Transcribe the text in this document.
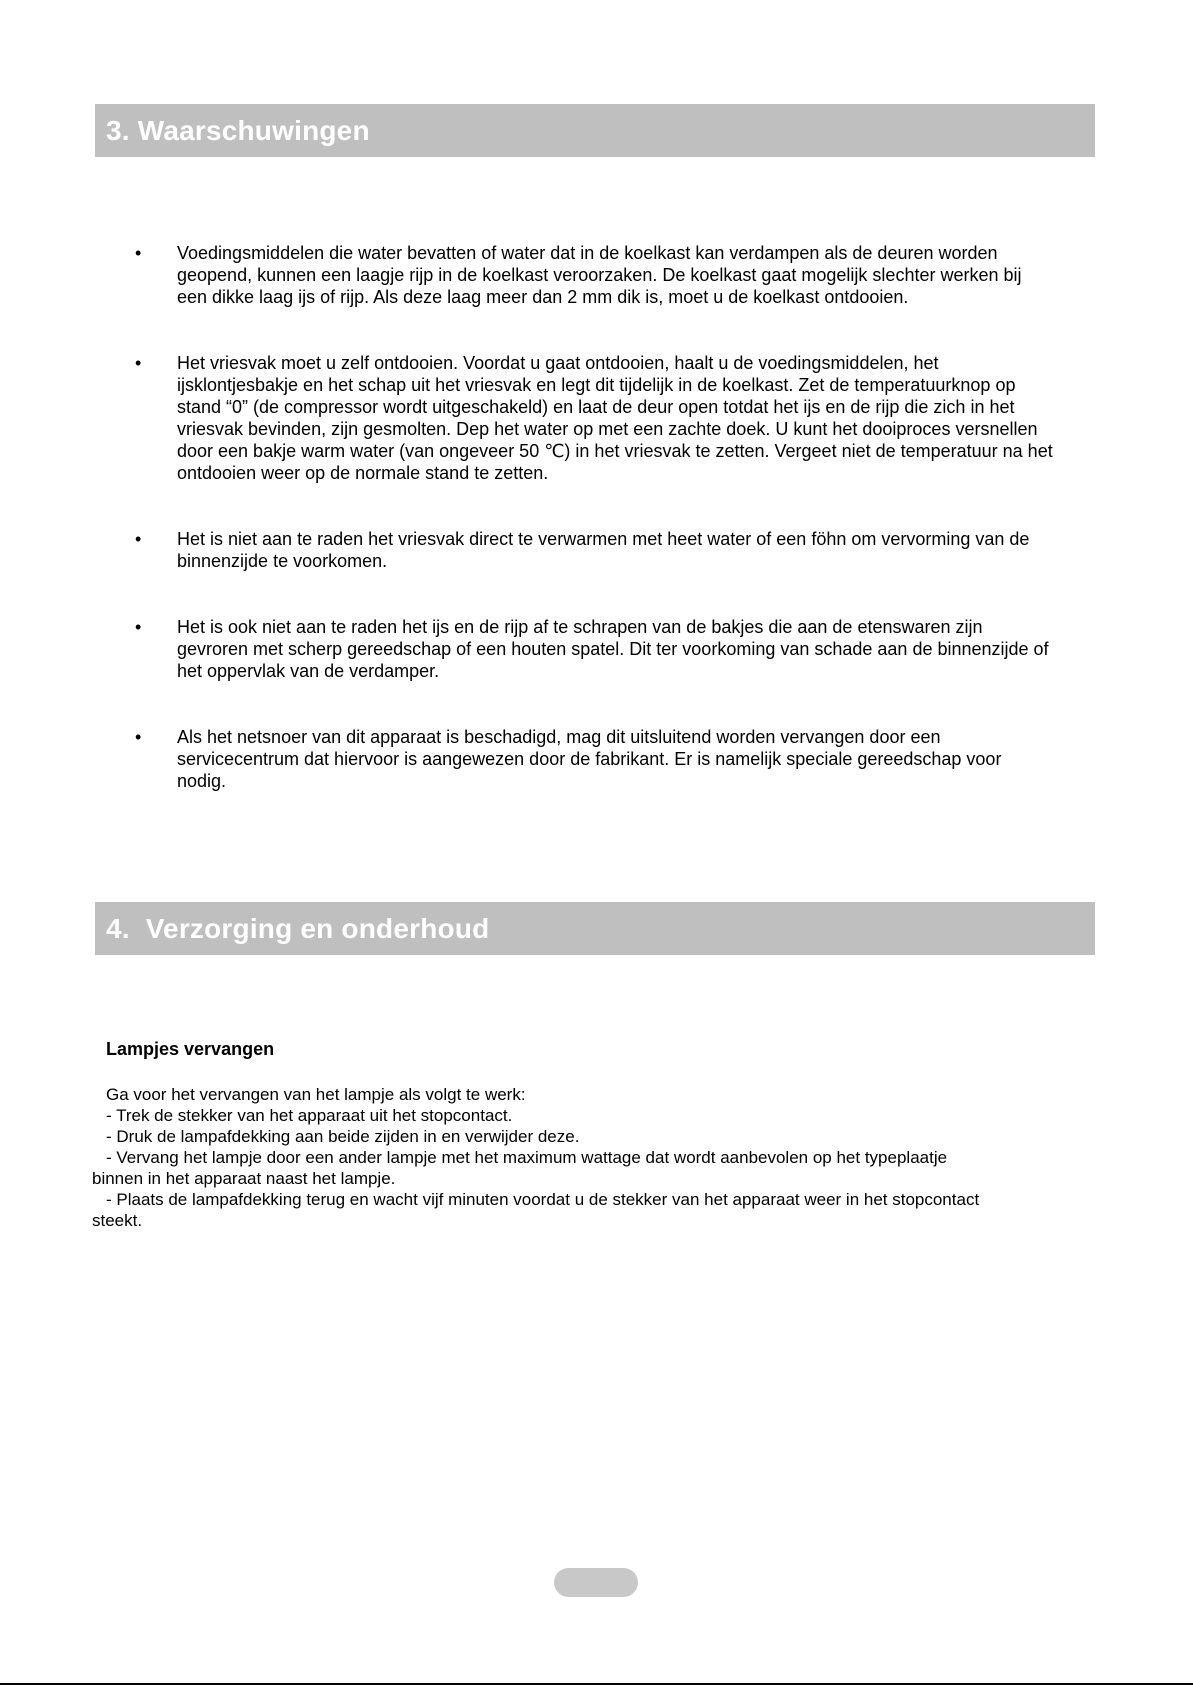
3. Waarschuwingen
•	Voedingsmiddelen die water bevatten of water dat in de koelkast kan verdampen als de deuren worden geopend, kunnen een laagje rijp in de koelkast veroorzaken. De koelkast gaat mogelijk slechter werken bij een dikke laag ijs of rijp. Als deze laag meer dan 2 mm dik is, moet u de koelkast ontdooien.
•	Het vriesvak moet u zelf ontdooien. Voordat u gaat ontdooien, haalt u de voedingsmiddelen, het ijsklontjesbakje en het schap uit het vriesvak en legt dit tijdelijk in de koelkast. Zet de temperatuurknop op stand “0” (de compressor wordt uitgeschakeld) en laat de deur open totdat het ijs en de rijp die zich in het vriesvak bevinden, zijn gesmolten. Dep het water op met een zachte doek. U kunt het dooiproces versnellen door een bakje warm water (van ongeveer 50 ℃) in het vriesvak te zetten. Vergeet niet de temperatuur na het ontdooien weer op de normale stand te zetten.
•	Het is niet aan te raden het vriesvak direct te verwarmen met heet water of een föhn om vervorming van de binnenzijde te voorkomen.
•	Het is ook niet aan te raden het ijs en de rijp af te schrapen van de bakjes die aan de etenswaren zijn gevroren met scherp gereedschap of een houten spatel. Dit ter voorkoming van schade aan de binnenzijde of het oppervlak van de verdamper.
•	Als het netsnoer van dit apparaat is beschadigd, mag dit uitsluitend worden vervangen door een servicecentrum dat hiervoor is aangewezen door de fabrikant. Er is namelijk speciale gereedschap voor nodig.
4.  Verzorging en onderhoud
Lampjes vervangen
Ga voor het vervangen van het lampje als volgt te werk:
- Trek de stekker van het apparaat uit het stopcontact.
- Druk de lampafdekking aan beide zijden in en verwijder deze.
- Vervang het lampje door een ander lampje met het maximum wattage dat wordt aanbevolen op het typeplaatje
binnen in het apparaat naast het lampje.
- Plaats de lampafdekking terug en wacht vijf minuten voordat u de stekker van het apparaat weer in het stopcontact
steekt.
